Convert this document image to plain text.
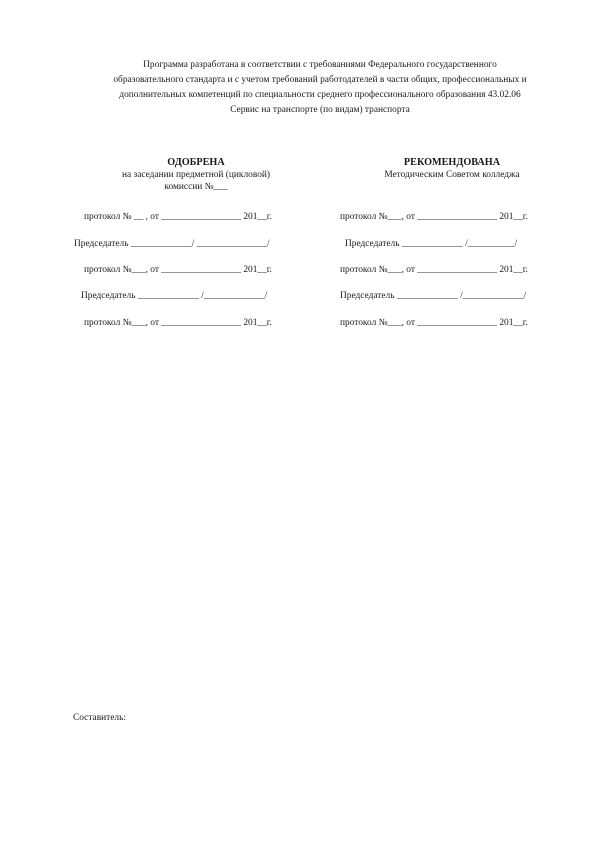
Программа разработана в соответствии с требованиями Федерального государственного
образовательного стандарта и с учетом требований работодателей в части общих, профессиональных и
дополнительных компетенций по специальности среднего профессионального образования 43.02.06
Сервис на транспорте (по видам) транспорта
ОДОБРЕНА
на заседании предметной (цикловой)
комиссии №___
РЕКОМЕНДОВАНА
Методическим Советом колледжа
протокол № __ , от _________________ 201__г.
Председатель _____________/ _______________/
протокол №___, от _________________ 201__г.
Председатель _____________ /_____________/
протокол №___, от _________________ 201__г.
протокол №___, от _________________ 201__г.
Председатель _____________ /__________/
протокол №___, от _________________ 201__г.
Председатель _____________ /_____________/
протокол №___, от _________________ 201__г.
Составитель:
